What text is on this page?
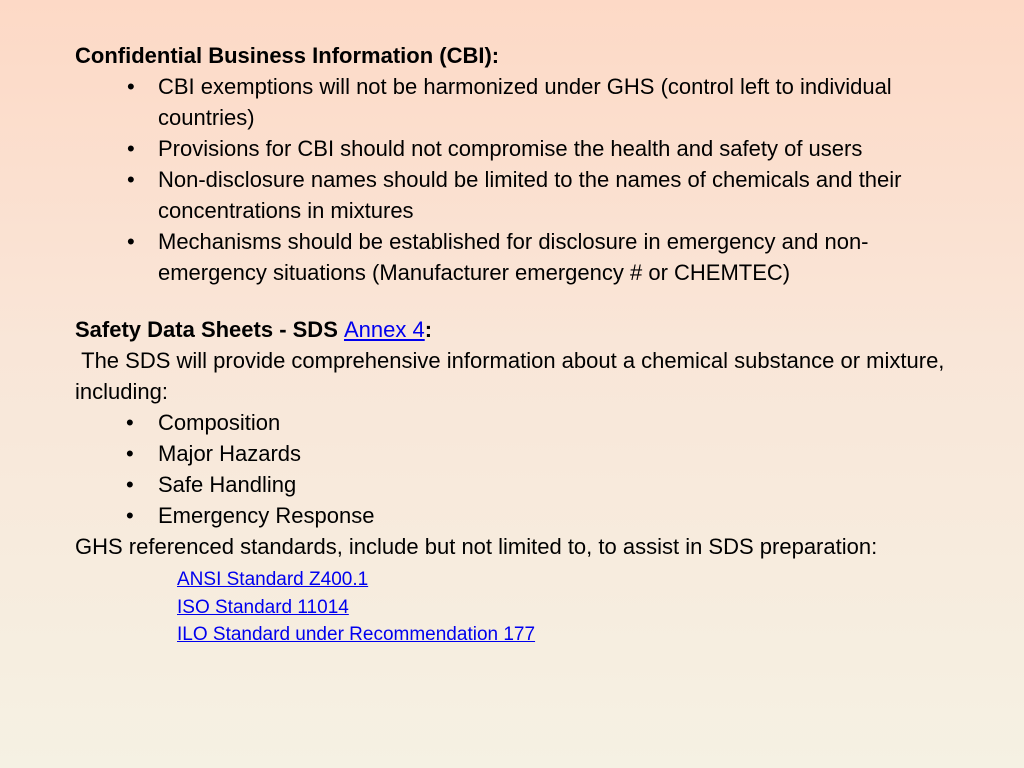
Confidential Business Information (CBI):

• CBI exemptions will not be harmonized under GHS (control left to individual countries)
• Provisions for CBI should not compromise the health and safety of users
• Non-disclosure names should be limited to the names of chemicals and their concentrations in mixtures
• Mechanisms should be established for disclosure in emergency and non-emergency situations (Manufacturer emergency # or CHEMTEC)

Safety Data Sheets - SDS Annex 4:

The SDS will provide comprehensive information about a chemical substance or mixture, including:

• Composition
• Major Hazards
• Safe Handling
• Emergency Response

GHS referenced standards, include but not limited to, to assist in SDS preparation:

ANSI Standard Z400.1
ISO Standard 11014
ILO Standard under Recommendation 177
